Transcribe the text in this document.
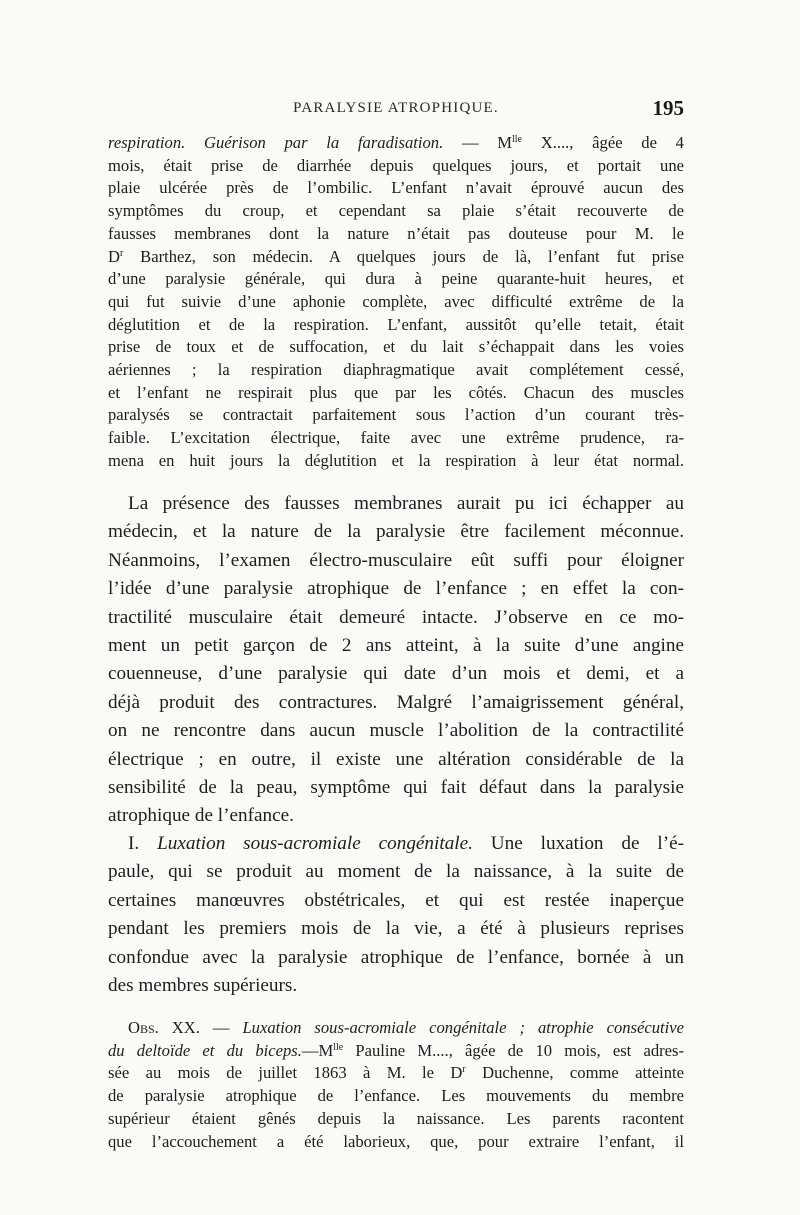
PARALYSIE ATROPHIQUE.	195
respiration. Guérison par la faradisation. — $M^{lle}$ X...., âgée de 4
mois, était prise de diarrhée depuis quelques jours, et portait une
plaie ulcérée près de l’ombilic. L’enfant n’avait éprouvé aucun des
symptômes du croup, et cependant sa plaie s’était recouverte de
fausses membranes dont la nature n’était pas douteuse pour M. le
$D^r$ Barthez, son médecin. A quelques jours de là, l’enfant fut prise
d’une paralysie générale, qui dura à peine quarante-huit heures, et
qui fut suivie d’une aphonie complète, avec difficulté extrême de la
déglutition et de la respiration. L’enfant, aussitôt qu’elle tetait, était
prise de toux et de suffocation, et du lait s’échappait dans les voies
aériennes ; la respiration diaphragmatique avait complétement cessé,
et l’enfant ne respirait plus que par les côtés. Chacun des muscles
paralysés se contractait parfaitement sous l’action d’un courant très-
faible. L’excitation électrique, faite avec une extrême prudence, ra-
mena en huit jours la déglutition et la respiration à leur état normal.
La présence des fausses membranes aurait pu ici échapper au
médecin, et la nature de la paralysie être facilement méconnue.
Néanmoins, l’examen électro-musculaire eût suffi pour éloigner
l’idée d’une paralysie atrophique de l’enfance ; en effet la con-
tractilité musculaire était demeuré intacte. J’observe en ce mo-
ment un petit garçon de 2 ans atteint, à la suite d’une angine
couenneuse, d’une paralysie qui date d’un mois et demi, et a
déjà produit des contractures. Malgré l’amaigrissement général,
on ne rencontre dans aucun muscle l’abolition de la contractilité
électrique ; en outre, il existe une altération considérable de la
sensibilité de la peau, symptôme qui fait défaut dans la paralysie
atrophique de l’enfance.
I. Luxation sous-acromiale congénitale. Une luxation de l’é-
paule, qui se produit au moment de la naissance, à la suite de
certaines manœuvres obstétricales, et qui est restée inaperçue
pendant les premiers mois de la vie, a été à plusieurs reprises
confondue avec la paralysie atrophique de l’enfance, bornée à un
des membres supérieurs.
Obs. XX. — Luxation sous-acromiale congénitale ; atrophie consécutive
du deltoïde et du $biceps.—M^{lle}$ Pauline M...., âgée de 10 mois, est adres-
sée au mois de juillet 1863 à M. le $D^r$ Duchenne, comme atteinte
de paralysie atrophique de l’enfance. Les mouvements du membre
supérieur étaient gênés depuis la naissance. Les parents racontent
que l’accouchement a été laborieux, que, pour extraire l’enfant, il
